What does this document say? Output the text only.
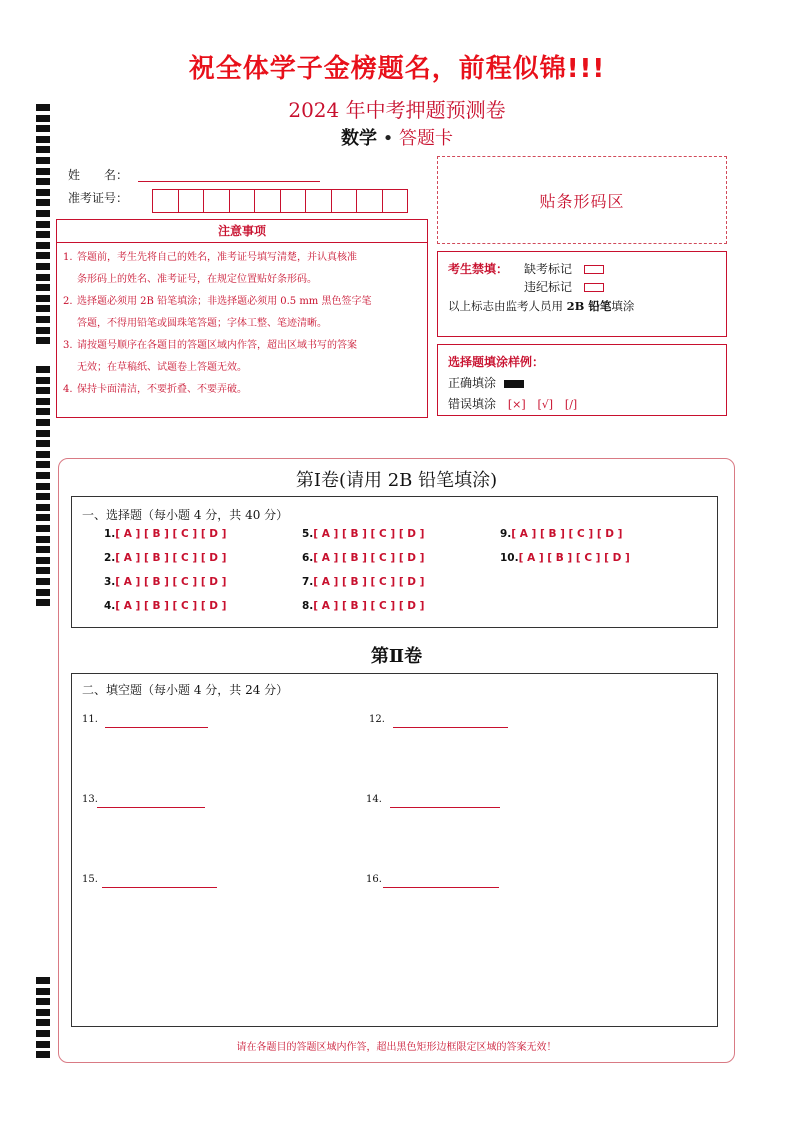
祝全体学子金榜题名，前程似锦!!!
2024 年中考押题预测卷
数学 • 答题卡
姓　　名：
准考证号：	贴条形码区
注意事项
1. 答题前，考生先将自己的姓名，准考证号填写清楚，并认真核准
条形码上的姓名、准考证号，在规定位置贴好条形码。
2. 选择题必须用 2B 铅笔填涂；非选择题必须用 0.5 mm 黑色签字笔
答题，不得用铅笔或圆珠笔答题；字体工整、笔迹清晰。
3. 请按题号顺序在各题目的答题区域内作答，超出区域书写的答案
无效；在草稿纸、试题卷上答题无效。
4. 保持卡面清洁，不要折叠、不要弄破。
考生禁填： 缺考标记
违纪标记
以上标志由监考人员用 2B 铅笔填涂
选择题填涂样例：
正确填涂
错误填涂 [×] [√] [/]
第Ⅰ卷(请用 2B 铅笔填涂)
一、选择题（每小题 4 分，共 40 分）
1.[ A ] [ B ] [ C ] [ D ]
2.[ A ] [ B ] [ C ] [ D ]
3.[ A ] [ B ] [ C ] [ D ]
4.[ A ] [ B ] [ C ] [ D ]
5.[ A ] [ B ] [ C ] [ D ]
6.[ A ] [ B ] [ C ] [ D ]
7.[ A ] [ B ] [ C ] [ D ]
8.[ A ] [ B ] [ C ] [ D ]
9.[ A ] [ B ] [ C ] [ D ]
10.[ A ] [ B ] [ C ] [ D ]
第Ⅱ卷
二、填空题（每小题 4 分，共 24 分）
11.	12.
13.	14.
15.	16.
请在各题目的答题区域内作答，超出黑色矩形边框限定区域的答案无效！
